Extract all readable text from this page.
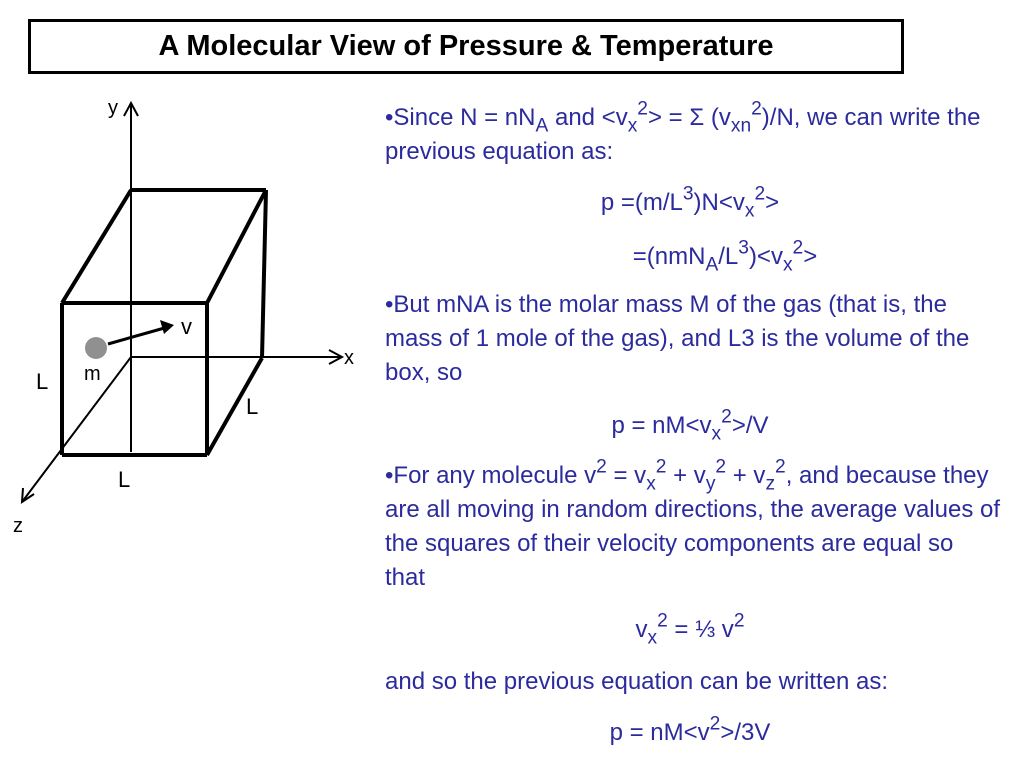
A Molecular View of Pressure & Temperature
y
x
z
v
m
L
L
L
•Since $N = nN_A$ and $<v_x^2> = \Sigma$ $(v_{xn}^2)/N$, we can write the previous equation as:
$p =(m/L^3)N<v_x^2>$
$=(nmN_A/L^3)<v_x^2>$
•But mNA is the molar mass M of the gas (that is, the mass of 1 mole of the gas), and L3 is the volume of the box, so
$p = nM<v_x^2>/V$
•For any molecule $v^2 = v_x^2 + v_y^2 + v_z^2$, and because they are all moving in random directions, the average values of the squares of their velocity components are equal so that
$v_x^2$ = ⅓ $v^2$
and so the previous equation can be written as:
$p = nM<v^2>/3V$
